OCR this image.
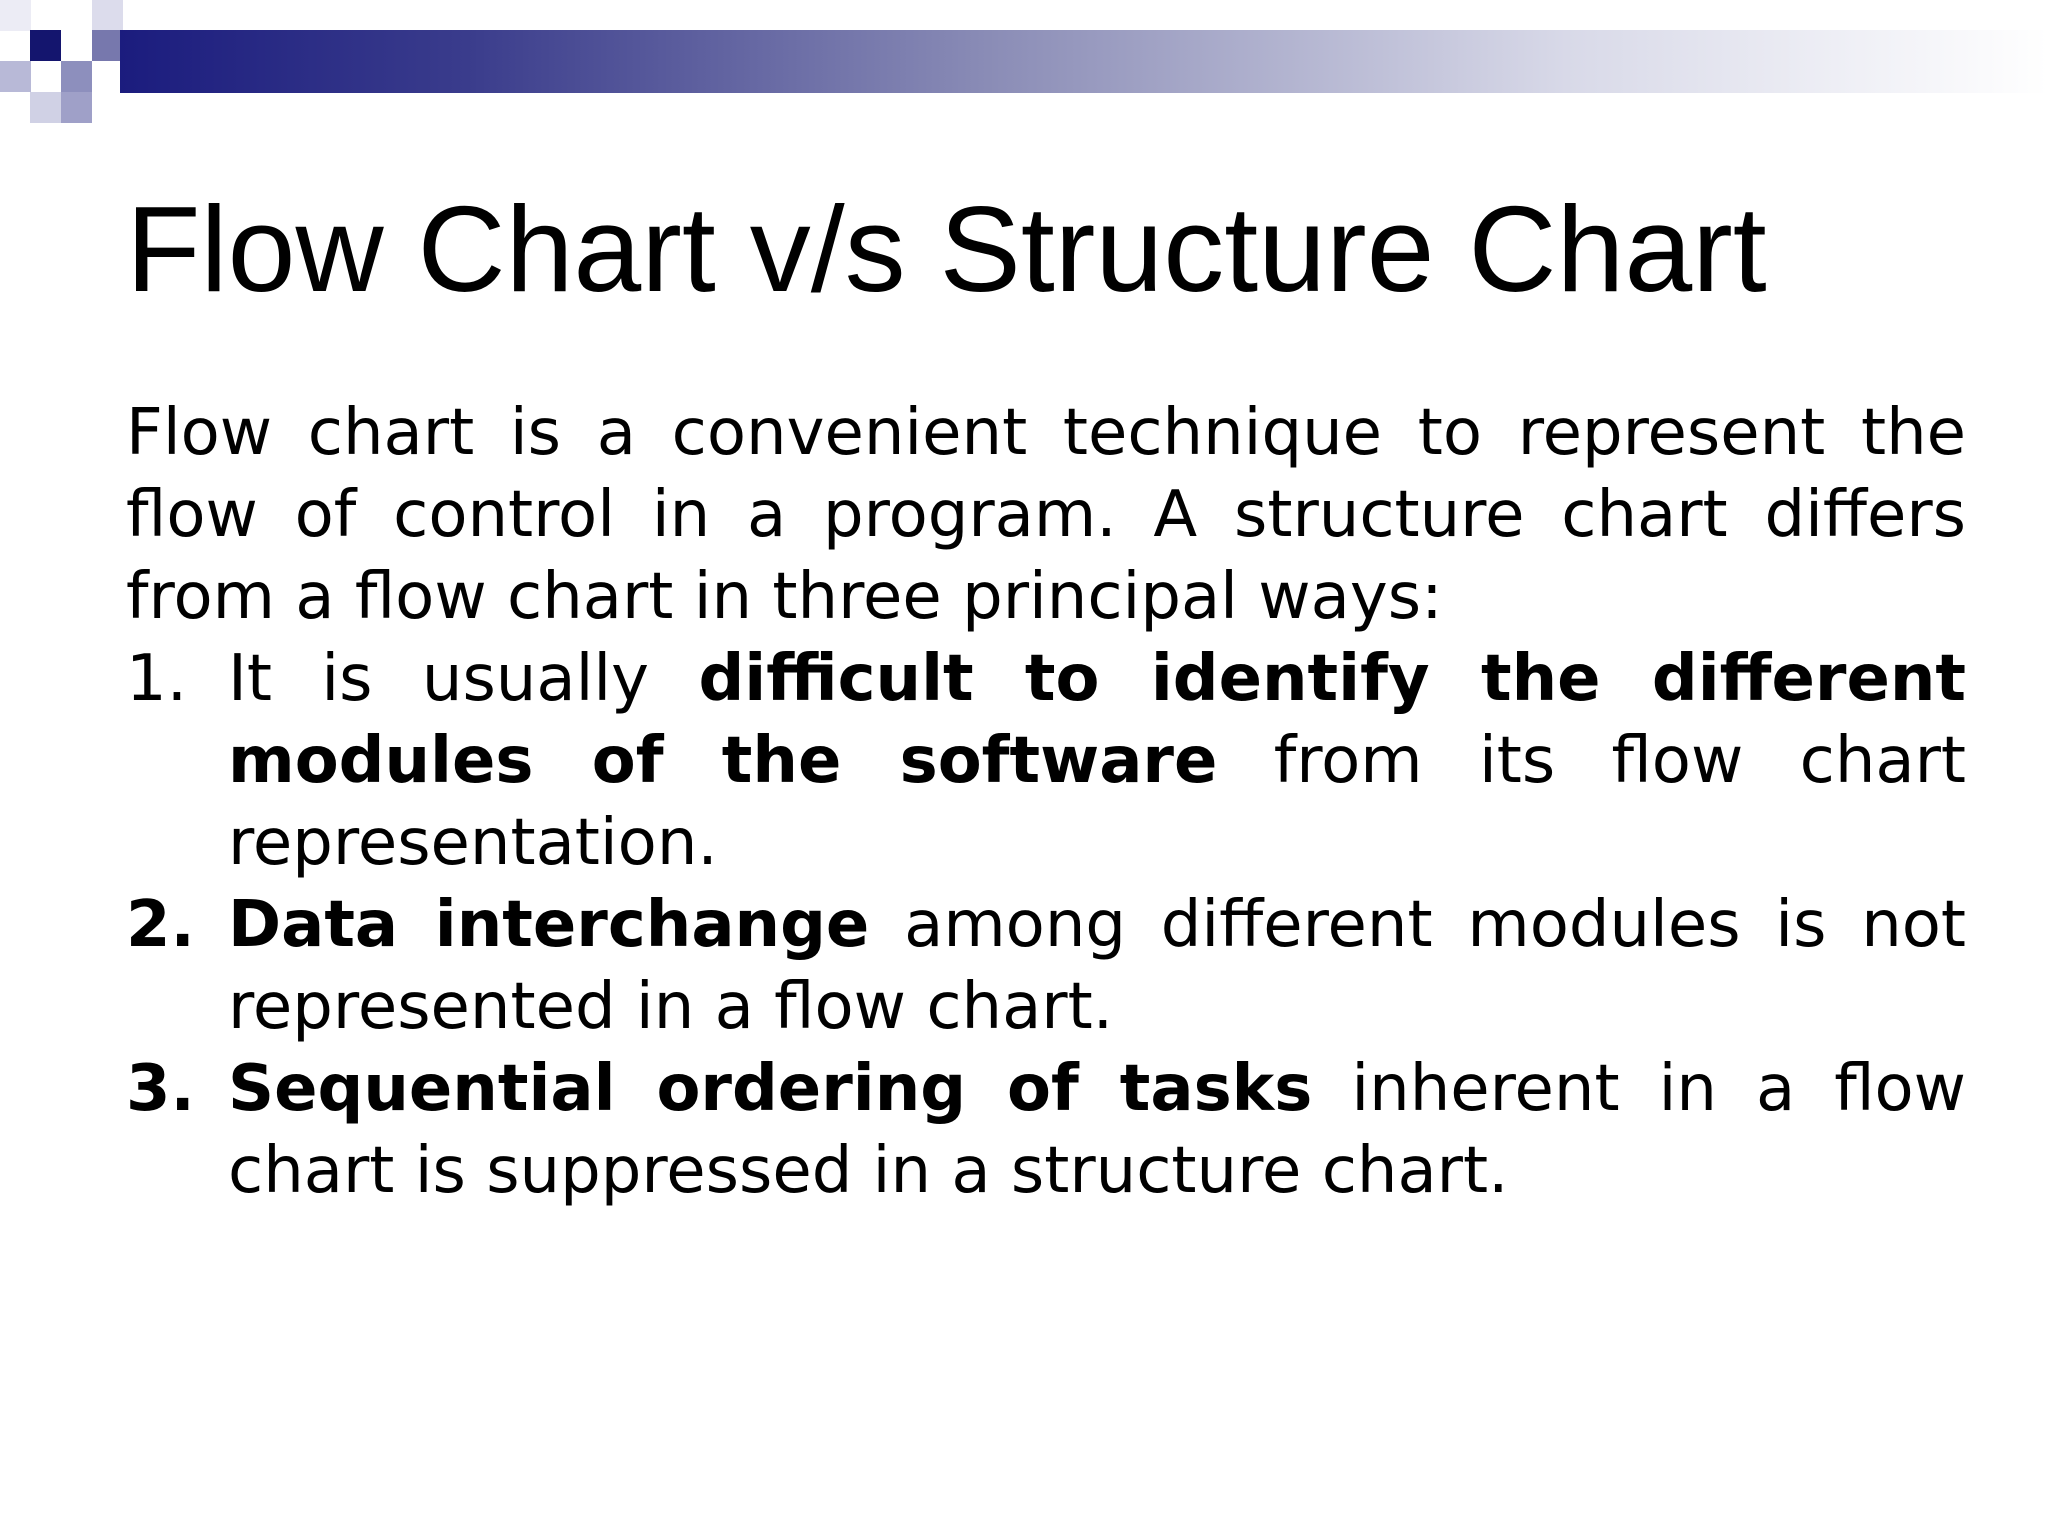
Flow Chart v/s Structure Chart

Flow chart is a convenient technique to represent the flow of control in a program. A structure chart differs from a flow chart in three principal ways:

1. It is usually difficult to identify the different modules of the software from its flow chart representation.
2. Data interchange among different modules is not represented in a flow chart.
3. Sequential ordering of tasks inherent in a flow chart is suppressed in a structure chart.
